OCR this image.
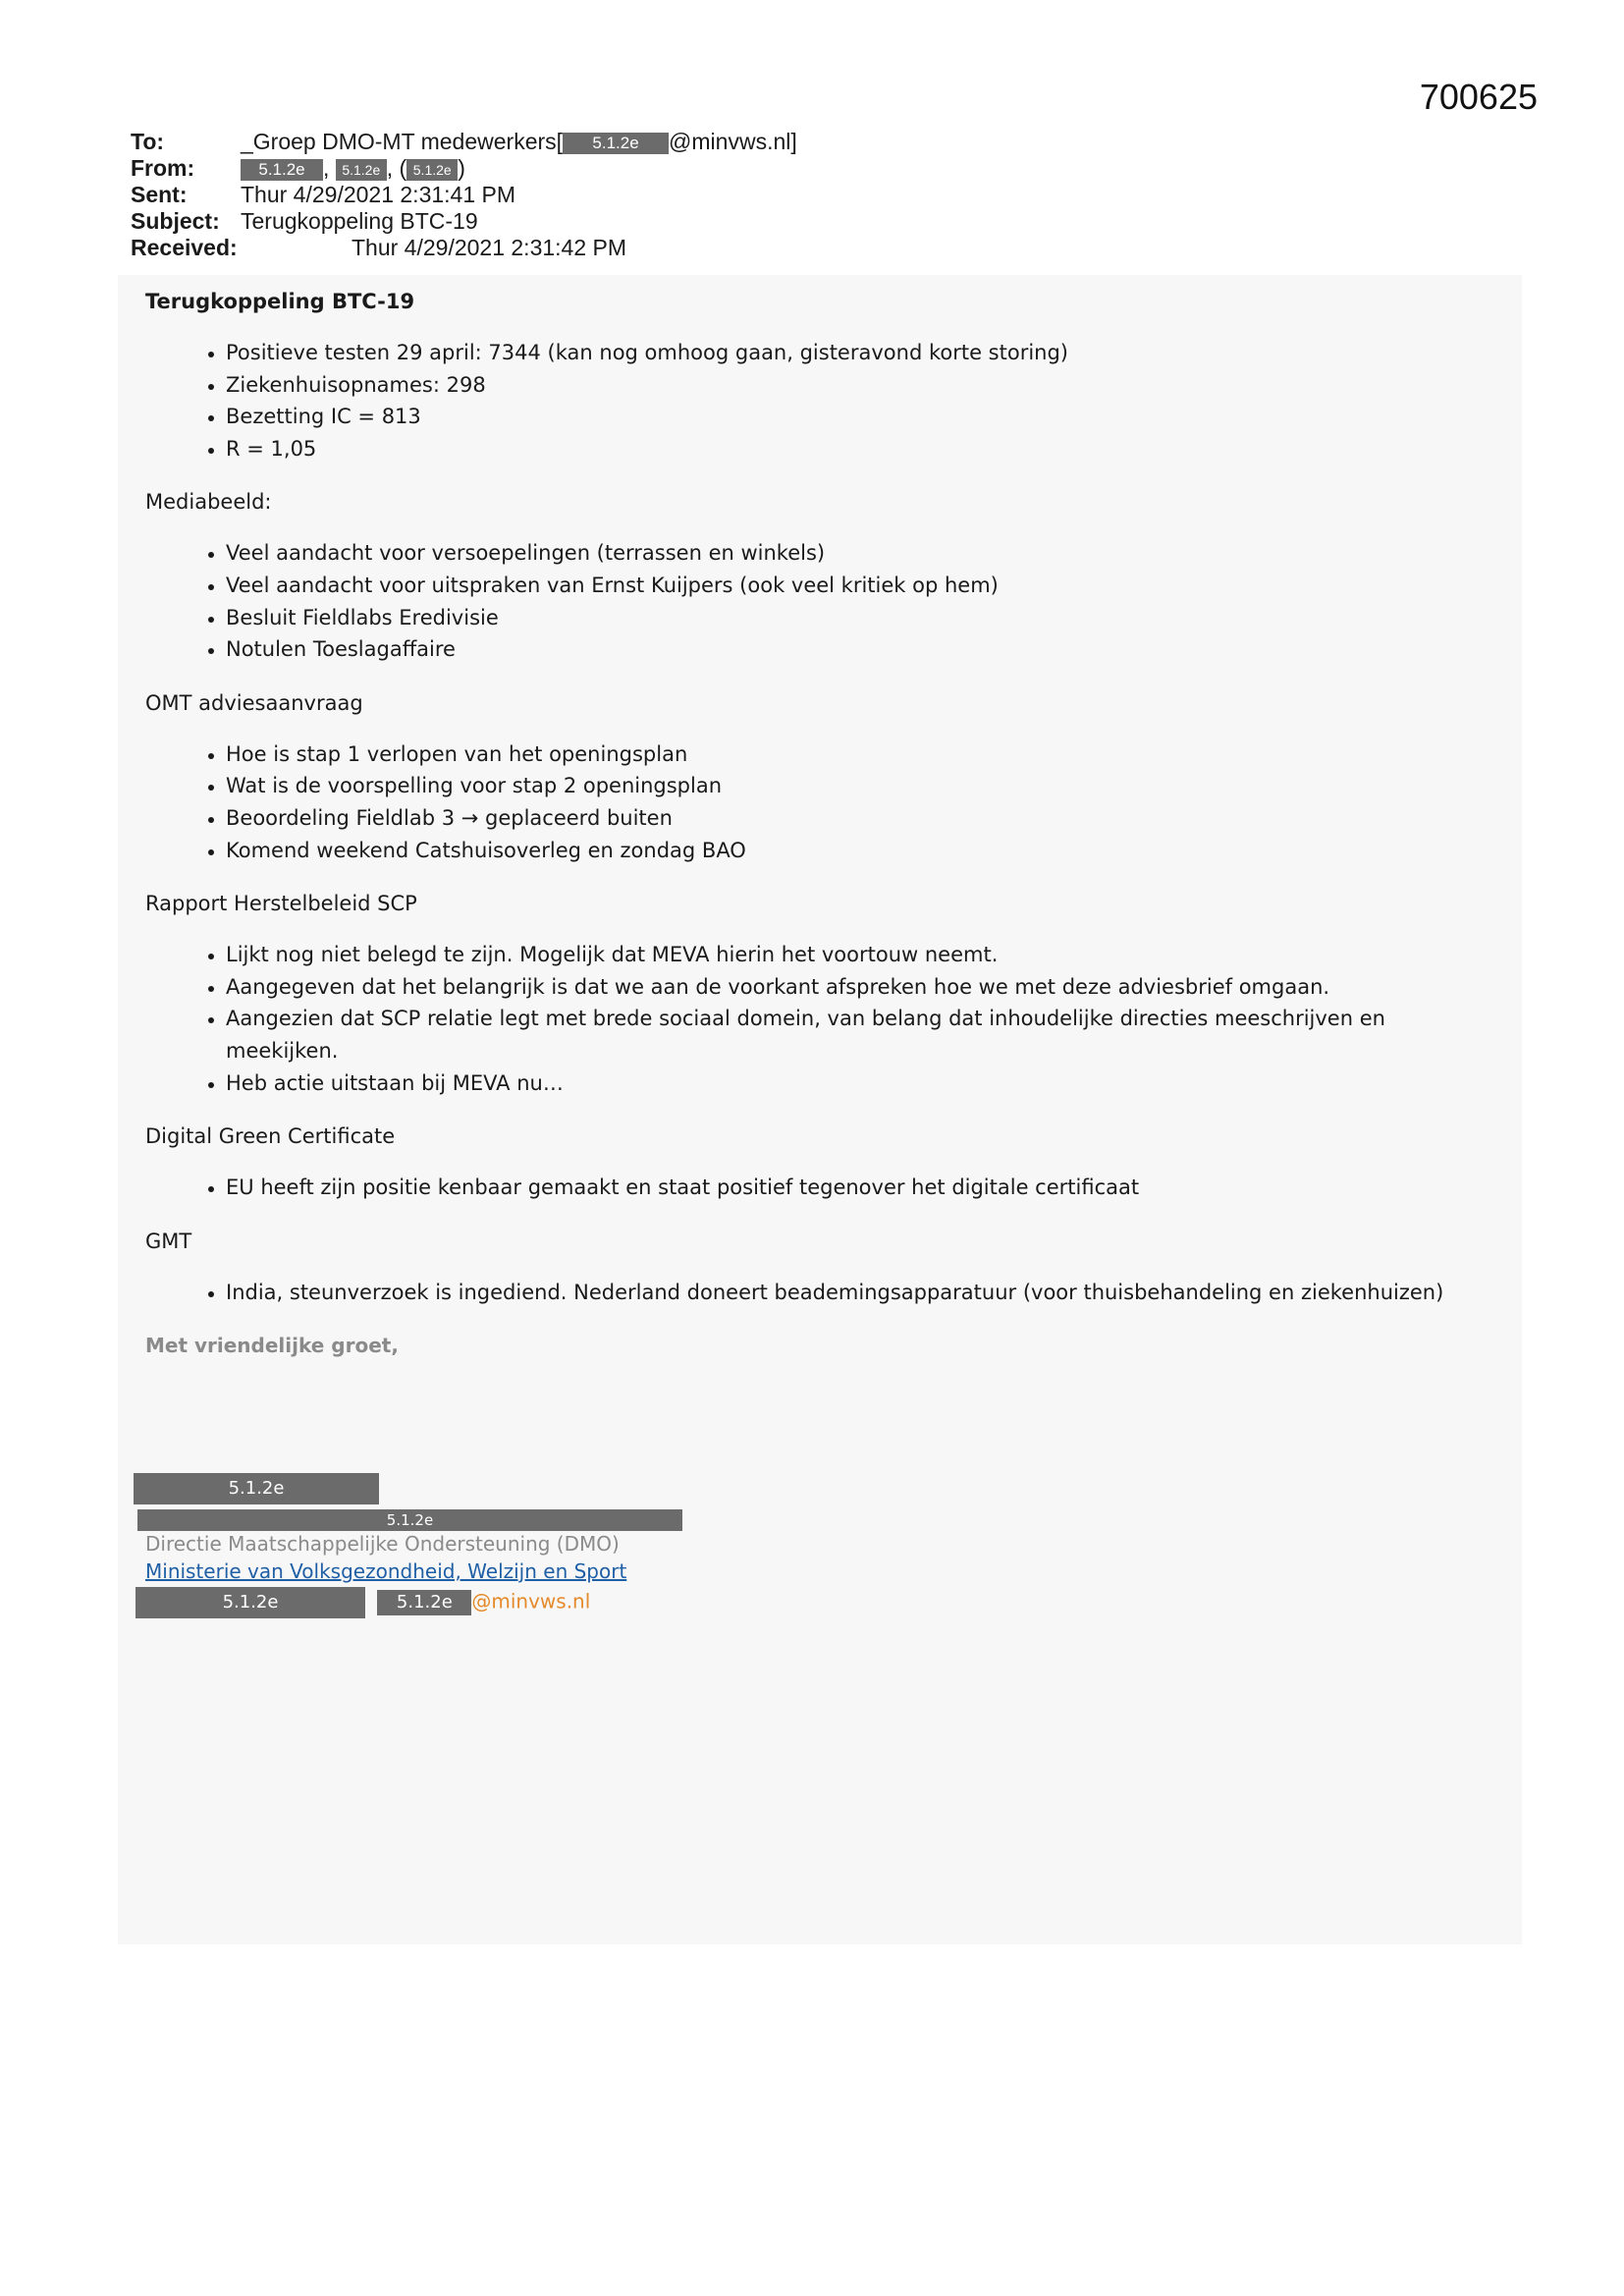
700625
To:	_Groep DMO-MT medewerkers[ 5.1.2e @minvws.nl]
From:	5.1.2e , 5.1.2e , ( 5.1.2e )
Sent: Thur 4/29/2021 2:31:41 PM
Subject: Terugkoppeling BTC-19
Received:	Thur 4/29/2021 2:31:42 PM

Terugkoppeling BTC-19

• Positieve testen 29 april: 7344 (kan nog omhoog gaan, gisteravond korte storing)
• Ziekenhuisopnames: 298
• Bezetting IC = 813
• R = 1,05

Mediabeeld:

• Veel aandacht voor versoepelingen (terrassen en winkels)
• Veel aandacht voor uitspraken van Ernst Kuijpers (ook veel kritiek op hem)
• Besluit Fieldlabs Eredivisie
• Notulen Toeslagaffaire

OMT adviesaanvraag

• Hoe is stap 1 verlopen van het openingsplan
• Wat is de voorspelling voor stap 2 openingsplan
• Beoordeling Fieldlab 3 → geplaceerd buiten
• Komend weekend Catshuisoverleg en zondag BAO

Rapport Herstelbeleid SCP

• Lijkt nog niet belegd te zijn. Mogelijk dat MEVA hierin het voortouw neemt.
• Aangegeven dat het belangrijk is dat we aan de voorkant afspreken hoe we met deze adviesbrief omgaan.
• Aangezien dat SCP relatie legt met brede sociaal domein, van belang dat inhoudelijke directies meeschrijven en meekijken.
• Heb actie uitstaan bij MEVA nu…

Digital Green Certificate

• EU heeft zijn positie kenbaar gemaakt en staat positief tegenover het digitale certificaat

GMT

• India, steunverzoek is ingediend. Nederland doneert beademingsapparatuur (voor thuisbehandeling en ziekenhuizen)

Met vriendelijke groet,

5.1.2e
5.1.2e
Directie Maatschappelijke Ondersteuning (DMO)
Ministerie van Volksgezondheid, Welzijn en Sport
5.1.2e	5.1.2e @minvws.nl
